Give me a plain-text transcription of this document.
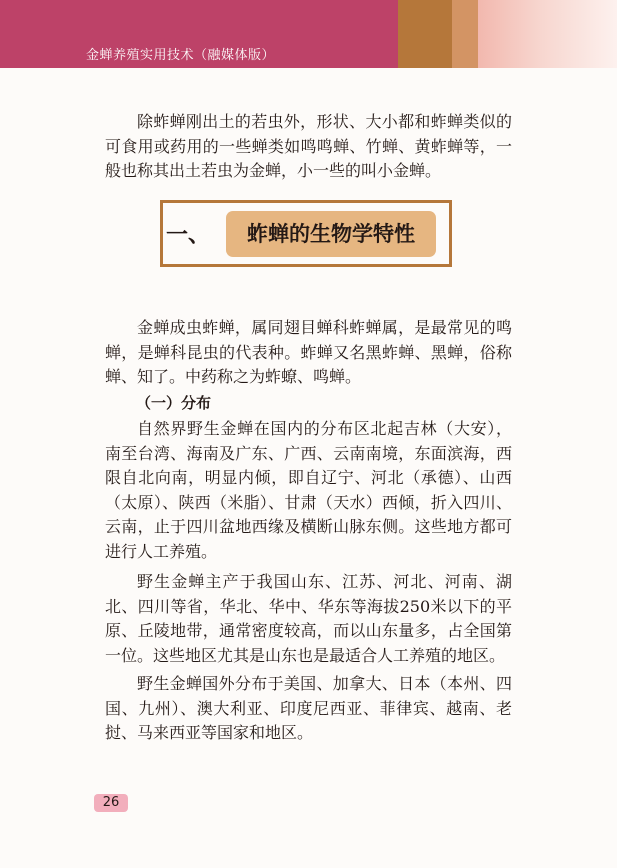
金蝉养殖实用技术（融媒体版）

除蚱蝉刚出土的若虫外，形状、大小都和蚱蝉类似的可食用或药用的一些蝉类如鸣鸣蝉、竹蝉、黄蚱蝉等，一般也称其出土若虫为金蝉，小一些的叫小金蝉。

一、	蚱蝉的生物学特性

金蝉成虫蚱蝉，属同翅目蝉科蚱蝉属，是最常见的鸣蝉，是蝉科昆虫的代表种。蚱蝉又名黑蚱蝉、黑蝉，俗称蝉、知了。中药称之为蚱蟟、鸣蝉。

（一）分布

自然界野生金蝉在国内的分布区北起吉林（大安），南至台湾、海南及广东、广西、云南南境，东面滨海，西限自北向南，明显内倾，即自辽宁、河北（承德）、山西（太原）、陕西（米脂）、甘肃（天水）西倾，折入四川、云南，止于四川盆地西缘及横断山脉东侧。这些地方都可进行人工养殖。

野生金蝉主产于我国山东、江苏、河北、河南、湖北、四川等省，华北、华中、华东等海拔250米以下的平原、丘陵地带，通常密度较高，而以山东量多，占全国第一位。这些地区尤其是山东也是最适合人工养殖的地区。

野生金蝉国外分布于美国、加拿大、日本（本州、四国、九州）、澳大利亚、印度尼西亚、菲律宾、越南、老挝、马来西亚等国家和地区。

26
